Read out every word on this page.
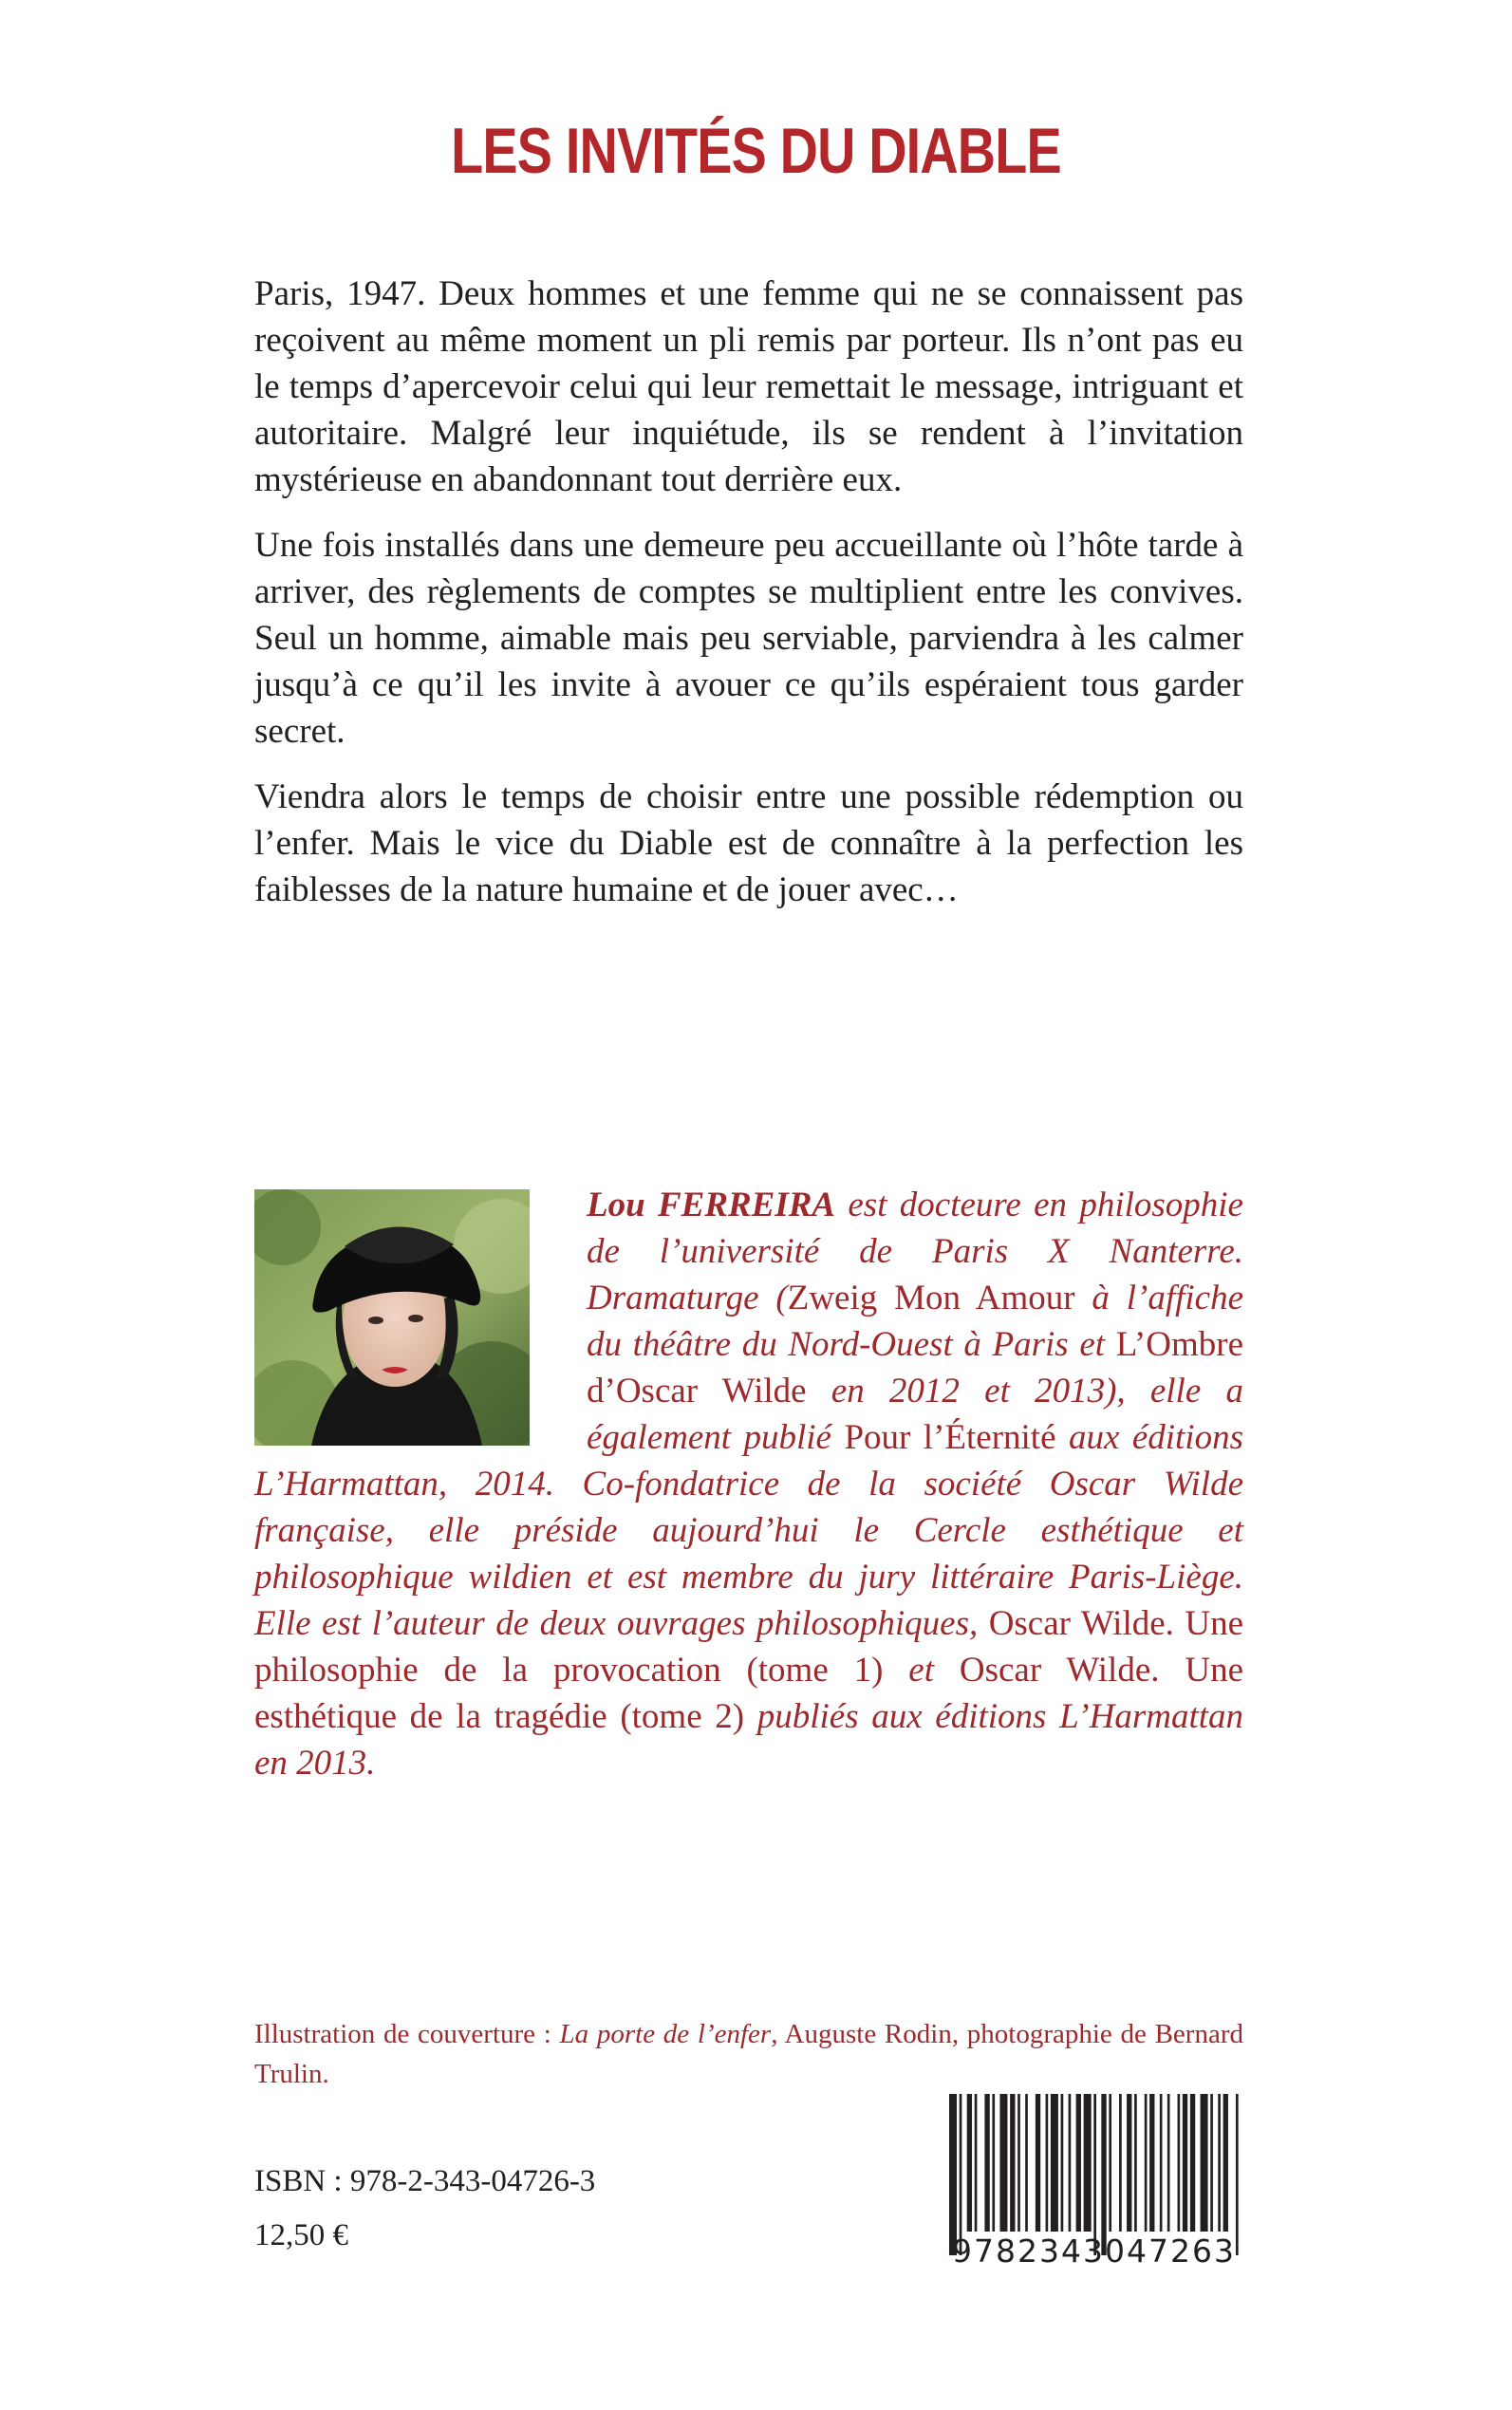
LES INVITÉS DU DIABLE

Paris, 1947. Deux hommes et une femme qui ne se connaissent pas reçoivent au même moment un pli remis par porteur. Ils n’ont pas eu le temps d’apercevoir celui qui leur remettait le message, intriguant et autoritaire. Malgré leur inquiétude, ils se rendent à l’invitation mystérieuse en abandonnant tout derrière eux.

Une fois installés dans une demeure peu accueillante où l’hôte tarde à arriver, des règlements de comptes se multiplient entre les convives. Seul un homme, aimable mais peu serviable, parviendra à les calmer jusqu’à ce qu’il les invite à avouer ce qu’ils espéraient tous garder secret.

Viendra alors le temps de choisir entre une possible rédemption ou l’enfer. Mais le vice du Diable est de connaître à la perfection les faiblesses de la nature humaine et de jouer avec…

Lou FERREIRA est docteure en philosophie de l’université de Paris X Nanterre. Dramaturge (Zweig Mon Amour à l’affiche du théâtre du Nord-Ouest à Paris et L’Ombre d’Oscar Wilde en 2012 et 2013), elle a également publié Pour l’Éternité aux éditions L’Harmattan, 2014. Co-fondatrice de la société Oscar Wilde française, elle préside aujourd’hui le Cercle esthétique et philosophique wildien et est membre du jury littéraire Paris-Liège. Elle est l’auteur de deux ouvrages philosophiques, Oscar Wilde. Une philosophie de la provocation (tome 1) et Oscar Wilde. Une esthétique de la tragédie (tome 2) publiés aux éditions L’Harmattan en 2013.

Illustration de couverture : La porte de l’enfer, Auguste Rodin, photographie de Bernard Trulin.
ISBN : 978-2-343-04726-3
12,50 €	9782343047263
